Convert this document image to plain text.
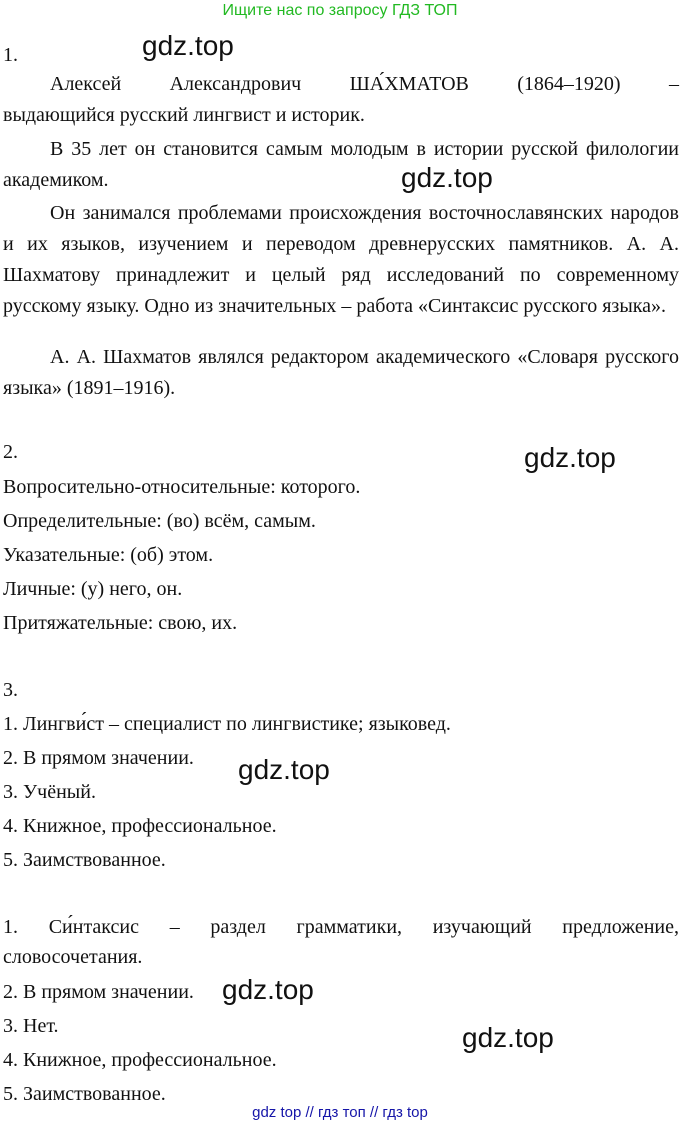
Ищите нас по запросу ГДЗ ТОП
gdz.top
gdz.top
gdz.top
gdz.top
gdz.top
gdz.top
1.
Алексей Александрович ША́ХМАТОВ (1864–1920) –
выдающийся русский лингвист и историк.
В 35 лет он становится самым молодым в истории русской филологии академиком.
Он занимался проблемами происхождения восточнославянских народов и их языков, изучением и переводом древнерусских памятников. А. А. Шахматову принадлежит и целый ряд исследований по современному русскому языку. Одно из значительных – работа «Синтаксис русского языка».
А. А. Шахматов являлся редактором академического «Словаря русского языка» (1891–1916).
2.
Вопросительно-относительные: которого.
Определительные: (во) всём, самым.
Указательные: (об) этом.
Личные: (у) него, он.
Притяжательные: свою, их.
3.
1. Лингви́ст – специалист по лингвистике; языковед.
2. В прямом значении.
3. Учёный.
4. Книжное, профессиональное.
5. Заимствованное.
1. Си́нтаксис – раздел грамматики, изучающий предложение,
словосочетания.
2. В прямом значении.
3. Нет.
4. Книжное, профессиональное.
5. Заимствованное.
gdz top // гдз топ // гдз top
